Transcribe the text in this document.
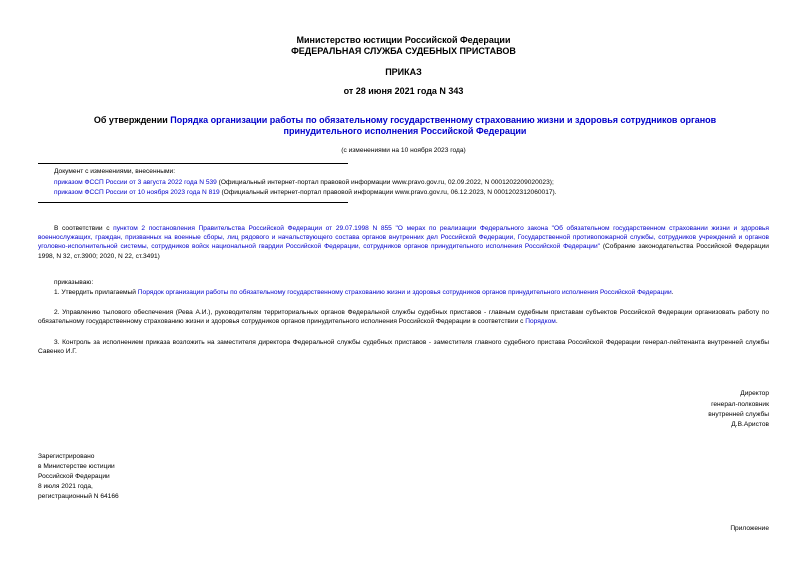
Министерство юстиции Российской Федерации
ФЕДЕРАЛЬНАЯ СЛУЖБА СУДЕБНЫХ ПРИСТАВОВ
ПРИКАЗ
от 28 июня 2021 года N 343
Об утверждении Порядка организации работы по обязательному государственному страхованию жизни и здоровья сотрудников органов принудительного исполнения Российской Федерации
(с изменениями на 10 ноября 2023 года)
Документ с изменениями, внесенными:
приказом ФССП России от 3 августа 2022 года N 539 (Официальный интернет-портал правовой информации www.pravo.gov.ru, 02.09.2022, N 0001202209020023);
приказом ФССП России от 10 ноября 2023 года N 819 (Официальный интернет-портал правовой информации www.pravo.gov.ru, 06.12.2023, N 0001202312060017).
В соответствии с пунктом 2 постановления Правительства Российской Федерации от 29.07.1998 N 855 "О мерах по реализации Федерального закона "Об обязательном государственном страховании жизни и здоровья военнослужащих, граждан, призванных на военные сборы, лиц рядового и начальствующего состава органов внутренних дел Российской Федерации, Государственной противопожарной службы, сотрудников учреждений и органов уголовно-исполнительной системы, сотрудников войск национальной гвардии Российской Федерации, сотрудников органов принудительного исполнения Российской Федерации" (Собрание законодательства Российской Федерации 1998, N 32, ст.3900; 2020, N 22, ст.3491)
приказываю:
1. Утвердить прилагаемый Порядок организации работы по обязательному государственному страхованию жизни и здоровья сотрудников органов принудительного исполнения Российской Федерации.
2. Управлению тылового обеспечения (Рева А.И.), руководителям территориальных органов Федеральной службы судебных приставов - главным судебным приставам субъектов Российской Федерации организовать работу по обязательному государственному страхованию жизни и здоровья сотрудников органов принудительного исполнения Российской Федерации в соответствии с Порядком.
3. Контроль за исполнением приказа возложить на заместителя директора Федеральной службы судебных приставов - заместителя главного судебного пристава Российской Федерации генерал-лейтенанта внутренней службы Савенко И.Г.
Директор
генерал-полковник
внутренней службы
Д.В.Аристов
Зарегистрировано
в Министерстве юстиции
Российской Федерации
8 июля 2021 года,
регистрационный N 64166
Приложение
